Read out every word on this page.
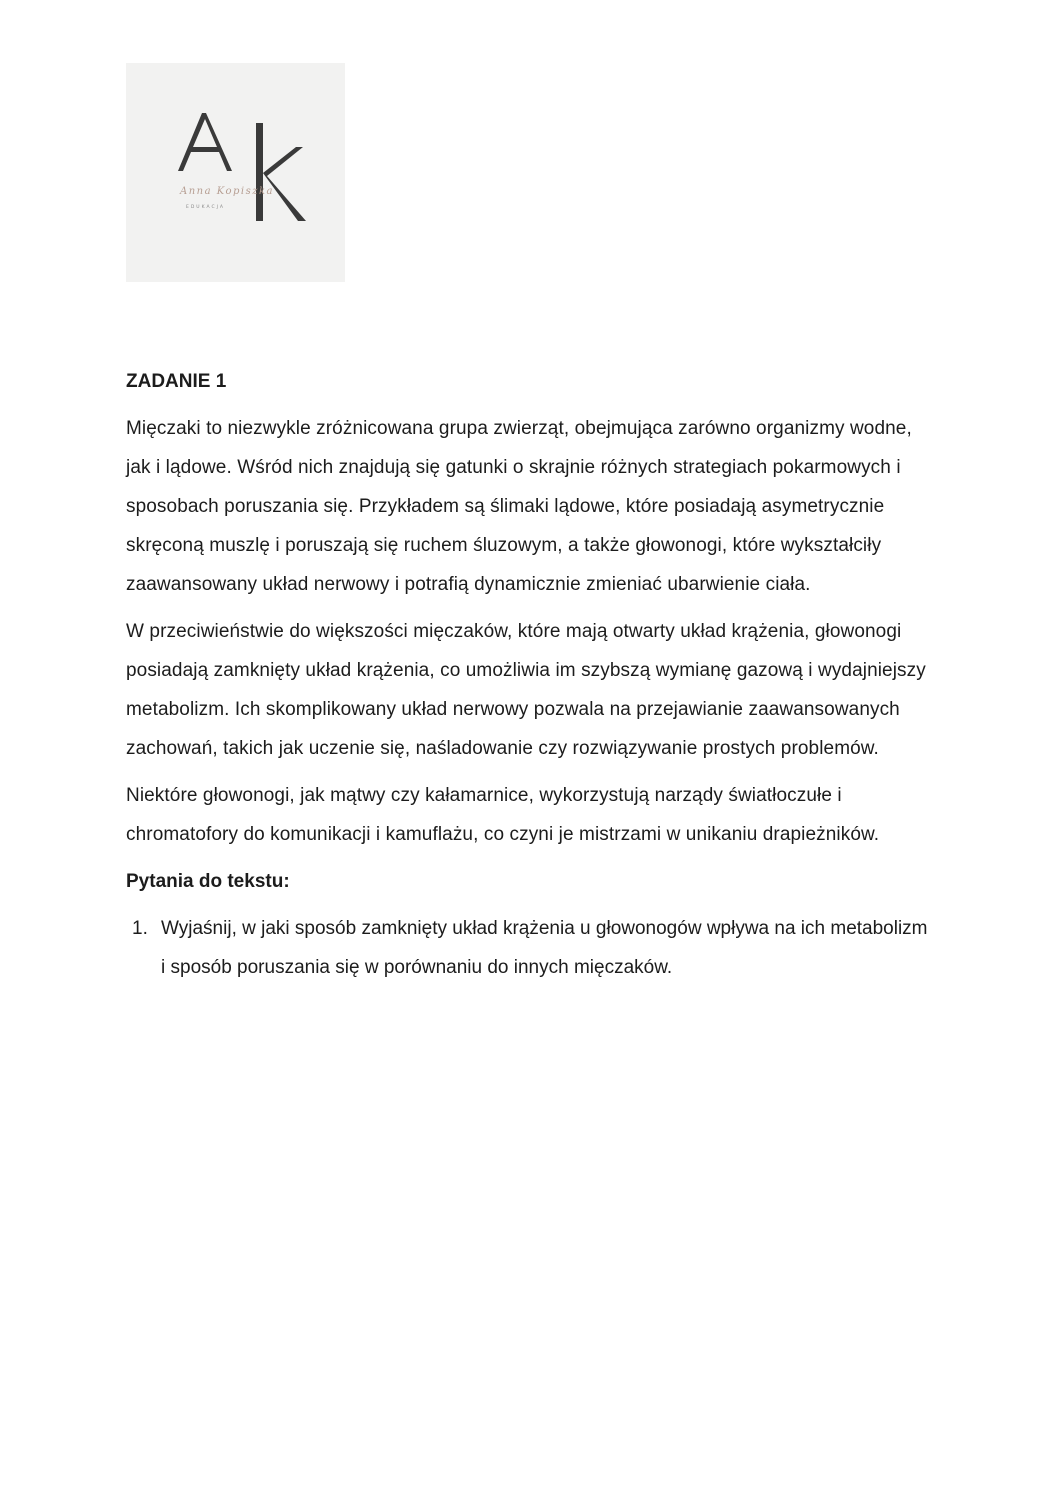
Anna Kopiszka
EDUKACJA
ZADANIE 1

Mięczaki to niezwykle zróżnicowana grupa zwierząt, obejmująca zarówno organizmy wodne, jak i lądowe. Wśród nich znajdują się gatunki o skrajnie różnych strategiach pokarmowych i sposobach poruszania się. Przykładem są ślimaki lądowe, które posiadają asymetrycznie skręconą muszlę i poruszają się ruchem śluzowym, a także głowonogi, które wykształciły zaawansowany układ nerwowy i potrafią dynamicznie zmieniać ubarwienie ciała.

W przeciwieństwie do większości mięczaków, które mają otwarty układ krążenia, głowonogi posiadają zamknięty układ krążenia, co umożliwia im szybszą wymianę gazową i wydajniejszy metabolizm. Ich skomplikowany układ nerwowy pozwala na przejawianie zaawansowanych zachowań, takich jak uczenie się, naśladowanie czy rozwiązywanie prostych problemów.

Niektóre głowonogi, jak mątwy czy kałamarnice, wykorzystują narządy światłoczułe i chromatofory do komunikacji i kamuflażu, co czyni je mistrzami w unikaniu drapieżników.

Pytania do tekstu:
1. Wyjaśnij, w jaki sposób zamknięty układ krążenia u głowonogów wpływa na ich metabolizm i sposób poruszania się w porównaniu do innych mięczaków.
